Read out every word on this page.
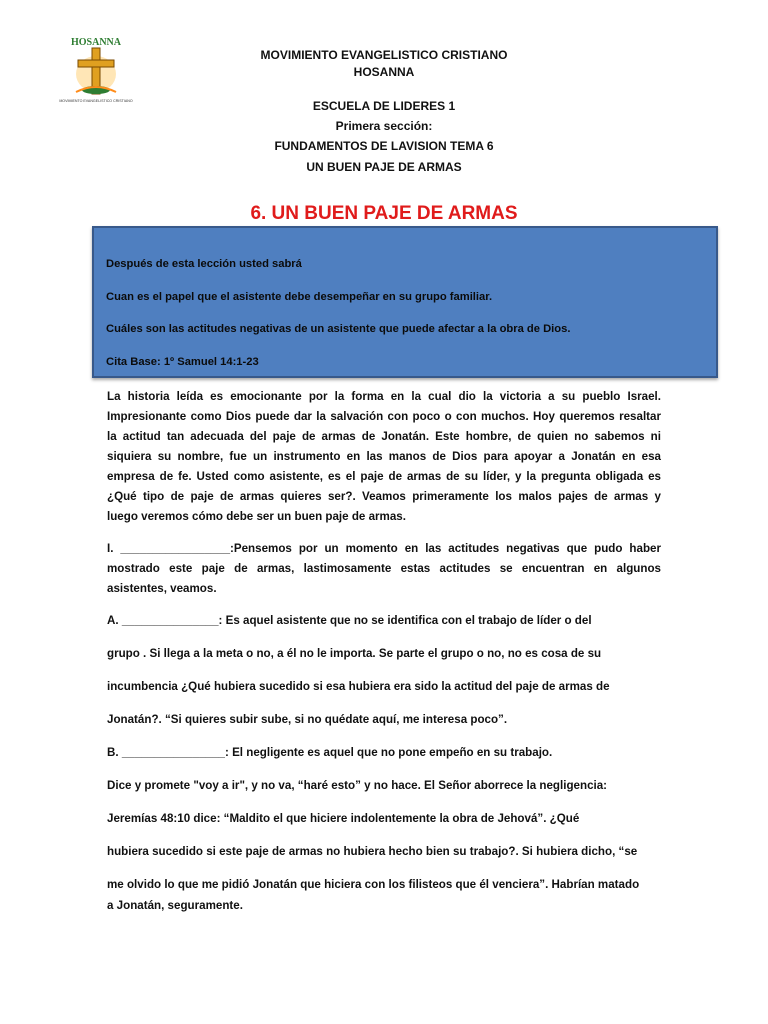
HOSANNA
MOVIMIENTO EVANGELISTICO CRISTIANO
MOVIMIENTO EVANGELISTICO CRISTIANO
HOSANNA
ESCUELA DE LIDERES 1
Primera sección:
FUNDAMENTOS DE LAVISION TEMA 6
UN BUEN PAJE DE ARMAS
6. UN BUEN PAJE DE ARMAS
Después de esta lección usted sabrá
Cuan es el papel que el asistente debe desempeñar en su grupo familiar.
Cuáles son las actitudes negativas de un asistente que puede afectar a la obra de Dios.
Cita Base: 1º Samuel 14:1-23
La historia leída es emocionante por la forma en la cual dio la victoria a su pueblo Israel.
Impresionante como Dios puede dar la salvación con poco o con muchos. Hoy queremos resaltar
la actitud tan adecuada del paje de armas de Jonatán. Este hombre, de quien no sabemos ni
siquiera su nombre, fue un instrumento en las manos de Dios para apoyar a Jonatán en esa
empresa de fe. Usted como asistente, es el paje de armas de su líder, y la pregunta obligada es
¿Qué tipo de paje de armas quieres ser?. Veamos primeramente los malos pajes de armas y
luego veremos cómo debe ser un buen paje de armas.
I. _________________:Pensemos por un momento en las actitudes negativas que pudo haber
mostrado este paje de armas, lastimosamente estas actitudes se encuentran en algunos
asistentes, veamos.
A. _______________: Es aquel asistente que no se identifica con el trabajo de líder o del
grupo . Si llega a la meta o no, a él no le importa. Se parte el grupo o no, no es cosa de su
incumbencia ¿Qué hubiera sucedido si esa hubiera era sido la actitud del paje de armas de
Jonatán?. “Si quieres subir sube, si no quédate aquí, me interesa poco”.
B. ________________: El negligente es aquel que no pone empeño en su trabajo.
Dice y promete "voy a ir", y no va, “haré esto” y no hace. El Señor aborrece la negligencia:
Jeremías 48:10 dice: “Maldito el que hiciere indolentemente la obra de Jehová”. ¿Qué
hubiera sucedido si este paje de armas no hubiera hecho bien su trabajo?. Si hubiera dicho, “se
me olvido lo que me pidió Jonatán que hiciera con los filisteos que él venciera”. Habrían matado
a Jonatán, seguramente.
